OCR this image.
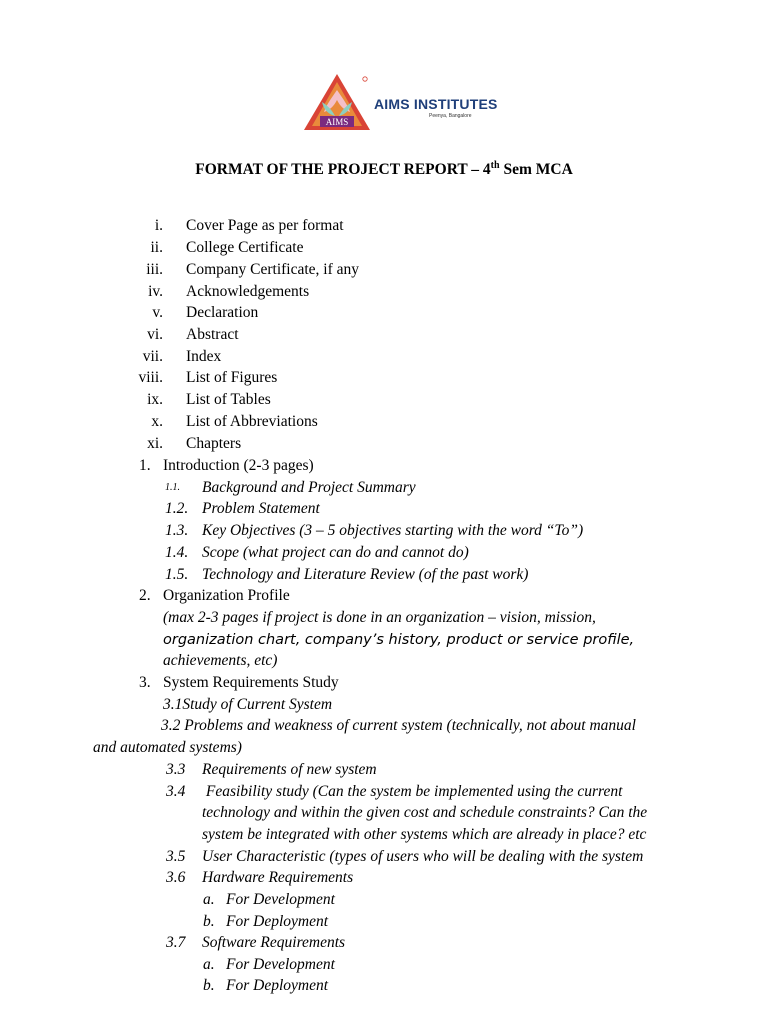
AIMS
AIMS INSTITUTES
Peenya, Bangalore
FORMAT OF THE PROJECT REPORT – 4th Sem MCA
i. Cover Page as per format
ii. College Certificate
iii. Company Certificate, if any
iv. Acknowledgements
v. Declaration
vi. Abstract
vii. Index
viii. List of Figures
ix. List of Tables
x. List of Abbreviations
xi. Chapters
1. Introduction (2-3 pages)
1.1. Background and Project Summary
1.2. Problem Statement
1.3. Key Objectives (3 – 5 objectives starting with the word “To”)
1.4. Scope (what project can do and cannot do)
1.5. Technology and Literature Review (of the past work)
2. Organization Profile
(max 2-3 pages if project is done in an organization – vision, mission,
organization chart, company’s history, product or service profile,
achievements, etc)
3. System Requirements Study
3.1Study of Current System
3.2 Problems and weakness of current system (technically, not about manual
and automated systems)
3.3 Requirements of new system
3.4 Feasibility study (Can the system be implemented using the current
technology and within the given cost and schedule constraints? Can the
system be integrated with other systems which are already in place? etc
3.5 User Characteristic (types of users who will be dealing with the system
3.6 Hardware Requirements
a. For Development
b. For Deployment
3.7 Software Requirements
a. For Development
b. For Deployment
